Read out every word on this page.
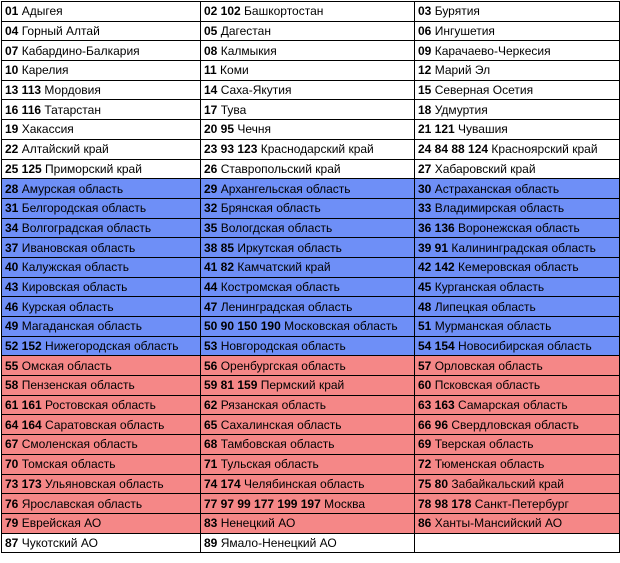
01 Адыгея	02 102 Башкортостан	03 Бурятия
04 Горный Алтай	05 Дагестан	06 Ингушетия
07 Кабардино-Балкария	08 Калмыкия	09 Карачаево-Черкесия
10 Карелия	11 Коми	12 Марий Эл
13 113 Мордовия	14 Саха-Якутия	15 Северная Осетия
16 116 Татарстан	17 Тува	18 Удмуртия
19 Хакассия	20 95 Чечня	21 121 Чувашия
22 Алтайский край	23 93 123 Краснодарский край	24 84 88 124 Красноярский край
25 125 Приморский край	26 Ставропольский край	27 Хабаровский край
28 Амурская область	29 Архангельская область	30 Астраханская область
31 Белгородская область	32 Брянская область	33 Владимирская область
34 Волгоградская область	35 Вологдская область	36 136 Воронежская область
37 Ивановская область	38 85 Иркутская область	39 91 Калининградская область
40 Калужская область	41 82 Камчатский край	42 142 Кемеровская область
43 Кировская область	44 Костромская область	45 Курганская область
46 Курская область	47 Ленинградская область	48 Липецкая область
49 Магаданская область	50 90 150 190 Московская область	51 Мурманская область
52 152 Нижегородская область	53 Новгородская область	54 154 Новосибирская область
55 Омская область	56 Оренбургская область	57 Орловская область
58 Пензенская область	59 81 159 Пермский край	60 Псковская область
61 161 Ростовская область	62 Рязанская область	63 163 Самарская область
64 164 Саратовская область	65 Сахалинская область	66 96 Свердловская область
67 Смоленская область	68 Тамбовская область	69 Тверская область
70 Томская область	71 Тульская область	72 Тюменская область
73 173 Ульяновская область	74 174 Челябинская область	75 80 Забайкальский край
76 Ярославская область	77 97 99 177 199 197 Москва	78 98 178 Санкт-Петербург
79 Еврейская АО	83 Ненецкий АО	86 Ханты-Мансийский АО
87 Чукотский АО	89 Ямало-Ненецкий АО	
